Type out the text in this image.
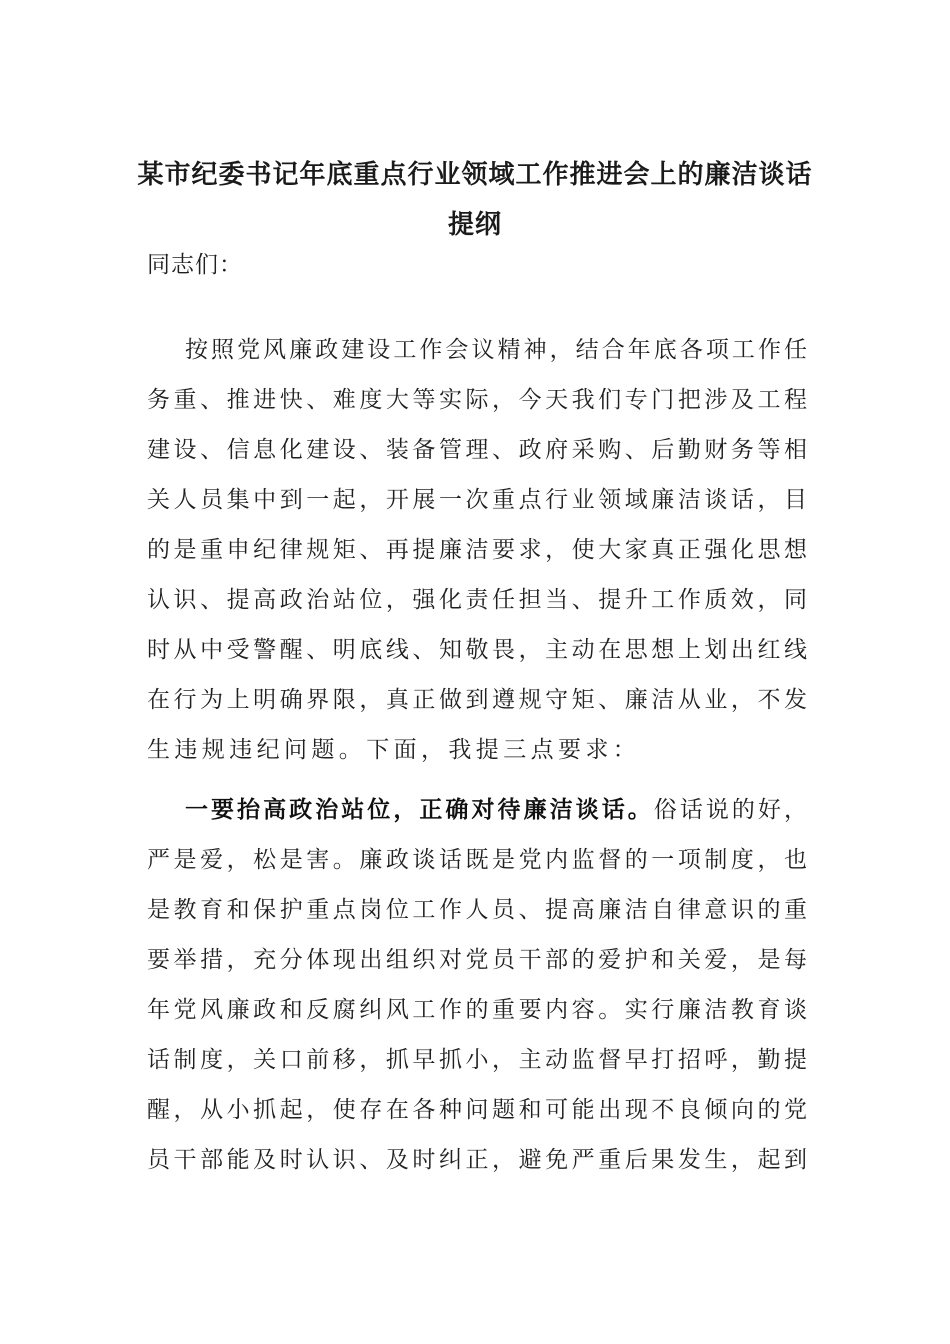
某市纪委书记年底重点行业领域工作推进会上的廉洁谈话
提纲
同志们：
按照党风廉政建设工作会议精神，结合年底各项工作任
务重、推进快、难度大等实际，今天我们专门把涉及工程
建设、信息化建设、装备管理、政府采购、后勤财务等相
关人员集中到一起，开展一次重点行业领域廉洁谈话，目
的是重申纪律规矩、再提廉洁要求，使大家真正强化思想
认识、提高政治站位，强化责任担当、提升工作质效，同
时从中受警醒、明底线、知敬畏，主动在思想上划出红线
在行为上明确界限，真正做到遵规守矩、廉洁从业，不发
生违规违纪问题。下面，我提三点要求：
一要抬高政治站位，正确对待廉洁谈话。俗话说的好，
严是爱，松是害。廉政谈话既是党内监督的一项制度，也
是教育和保护重点岗位工作人员、提高廉洁自律意识的重
要举措，充分体现出组织对党员干部的爱护和关爱，是每
年党风廉政和反腐纠风工作的重要内容。实行廉洁教育谈
话制度，关口前移，抓早抓小，主动监督早打招呼，勤提
醒，从小抓起，使存在各种问题和可能出现不良倾向的党
员干部能及时认识、及时纠正，避免严重后果发生，起到
